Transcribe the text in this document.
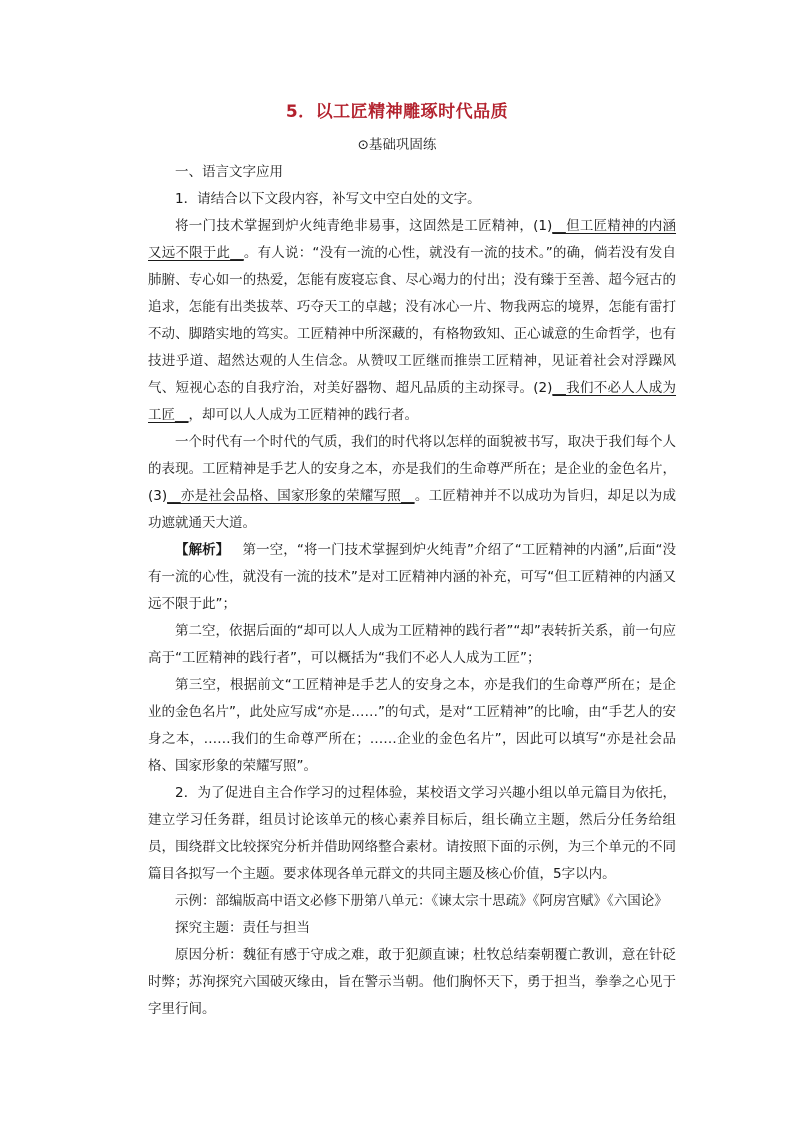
5．以工匠精神雕琢时代品质
⊙基础巩固练

一、语言文字应用

1．请结合以下文段内容，补写文中空白处的文字。

将一门技术掌握到炉火纯青绝非易事，这固然是工匠精神，(1)__但工匠精神的内涵又远不限于此__。有人说：“没有一流的心性，就没有一流的技术。”的确，倘若没有发自肺腑、专心如一的热爱，怎能有废寝忘食、尽心竭力的付出；没有臻于至善、超今冠古的追求，怎能有出类拔萃、巧夺天工的卓越；没有冰心一片、物我两忘的境界，怎能有雷打不动、脚踏实地的笃实。工匠精神中所深藏的，有格物致知、正心诚意的生命哲学，也有技进乎道、超然达观的人生信念。从赞叹工匠继而推崇工匠精神，见证着社会对浮躁风气、短视心态的自我疗治，对美好器物、超凡品质的主动探寻。(2)__我们不必人人成为工匠__，却可以人人成为工匠精神的践行者。

一个时代有一个时代的气质，我们的时代将以怎样的面貌被书写，取决于我们每个人的表现。工匠精神是手艺人的安身之本，亦是我们的生命尊严所在；是企业的金色名片，(3)__亦是社会品格、国家形象的荣耀写照__。工匠精神并不以成功为旨归，却足以为成功遮就通天大道。

【解析】 第一空，“将一门技术掌握到炉火纯青”介绍了“工匠精神的内涵”,后面“没有一流的心性，就没有一流的技术”是对工匠精神内涵的补充，可写“但工匠精神的内涵又远不限于此”；

第二空，依据后面的“却可以人人成为工匠精神的践行者”“却”表转折关系，前一句应高于“工匠精神的践行者”，可以概括为“我们不必人人成为工匠”；

第三空，根据前文“工匠精神是手艺人的安身之本，亦是我们的生命尊严所在；是企业的金色名片”，此处应写成“亦是……”的句式，是对“工匠精神”的比喻，由“手艺人的安身之本，……我们的生命尊严所在；……企业的金色名片”，因此可以填写“亦是社会品格、国家形象的荣耀写照”。

2．为了促进自主合作学习的过程体验，某校语文学习兴趣小组以单元篇目为依托，建立学习任务群，组员讨论该单元的核心素养目标后，组长确立主题，然后分任务给组员，围绕群文比较探究分析并借助网络整合素材。请按照下面的示例，为三个单元的不同篇目各拟写一个主题。要求体现各单元群文的共同主题及核心价值，5字以内。

示例：部编版高中语文必修下册第八单元：《谏太宗十思疏》《阿房宫赋》《六国论》

探究主题：责任与担当

原因分析：魏征有感于守成之难，敢于犯颜直谏；杜牧总结秦朝覆亡教训，意在针砭时弊；苏洵探究六国破灭缘由，旨在警示当朝。他们胸怀天下，勇于担当，拳拳之心见于字里行间。
